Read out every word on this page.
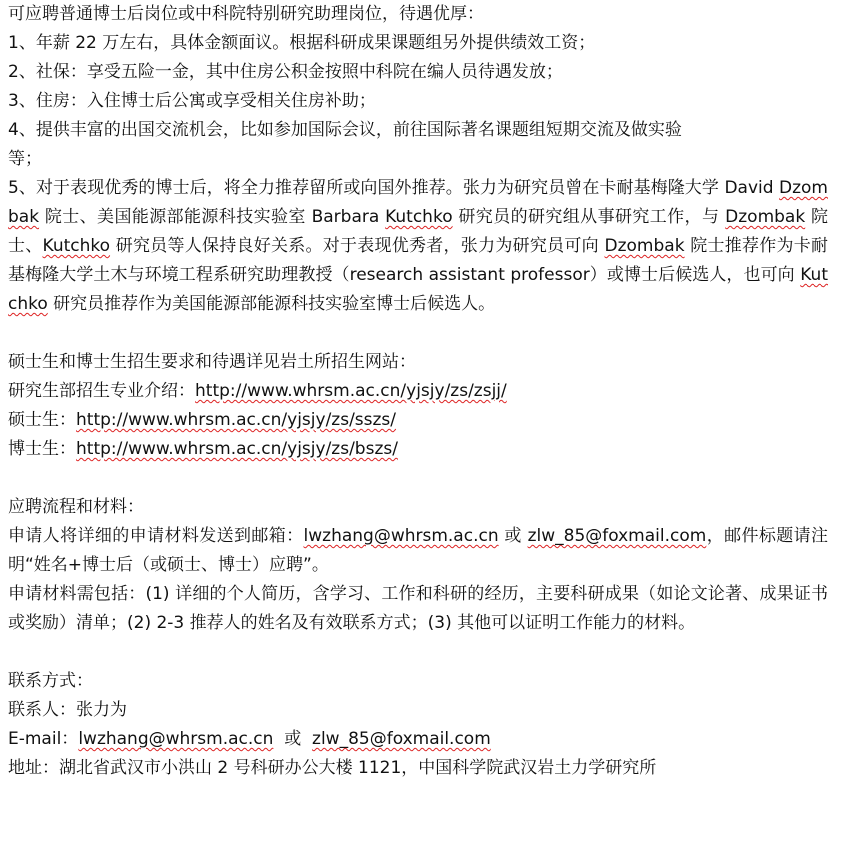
可应聘普通博士后岗位或中科院特别研究助理岗位，待遇优厚：
1、年薪 22 万左右，具体金额面议。根据科研成果课题组另外提供绩效工资；
2、社保：享受五险一金，其中住房公积金按照中科院在编人员待遇发放；
3、住房：入住博士后公寓或享受相关住房补助；
4、提供丰富的出国交流机会，比如参加国际会议，前往国际著名课题组短期交流及做实验
等；
5、对于表现优秀的博士后，将全力推荐留所或向国外推荐。张力为研究员曾在卡耐基梅隆大学 David Dzombak 院士、美国能源部能源科技实验室 Barbara Kutchko 研究员的研究组从事研究工作，与 Dzombak 院士、Kutchko 研究员等人保持良好关系。对于表现优秀者，张力为研究员可向 Dzombak 院士推荐作为卡耐基梅隆大学土木与环境工程系研究助理教授（research assistant professor）或博士后候选人，也可向 Kutchko 研究员推荐作为美国能源部能源科技实验室博士后候选人。
硕士生和博士生招生要求和待遇详见岩土所招生网站：
研究生部招生专业介绍：http://www.whrsm.ac.cn/yjsjy/zs/zsjj/
硕士生：http://www.whrsm.ac.cn/yjsjy/zs/sszs/
博士生：http://www.whrsm.ac.cn/yjsjy/zs/bszs/
应聘流程和材料：
申请人将详细的申请材料发送到邮箱：lwzhang@whrsm.ac.cn 或 zlw_85@foxmail.com，邮件标题请注明“姓名+博士后（或硕士、博士）应聘”。
申请材料需包括：(1) 详细的个人简历，含学习、工作和科研的经历，主要科研成果（如论文论著、成果证书或奖励）清单；(2) 2-3 推荐人的姓名及有效联系方式；(3) 其他可以证明工作能力的材料。
联系方式：
联系人：张力为
E-mail：lwzhang@whrsm.ac.cn  或  zlw_85@foxmail.com
地址：湖北省武汉市小洪山 2 号科研办公大楼 1121，中国科学院武汉岩土力学研究所
